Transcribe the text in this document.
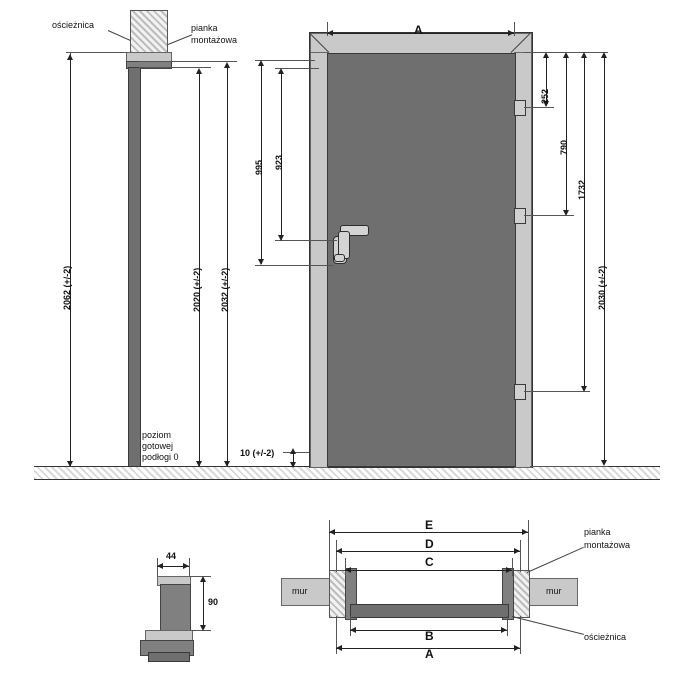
ościeżnica	pianka
montażowa
2062 (+/-2)	2020 (+/-2) 2032 (+/-2)
poziom
gotowej
podłogi 0	10 (+/-2)
A
995 923
252
790
1732
2030 (+/-2)
44
90
mur	mur
pianka
montażowa
ościeżnica
E
D
C
B
A
